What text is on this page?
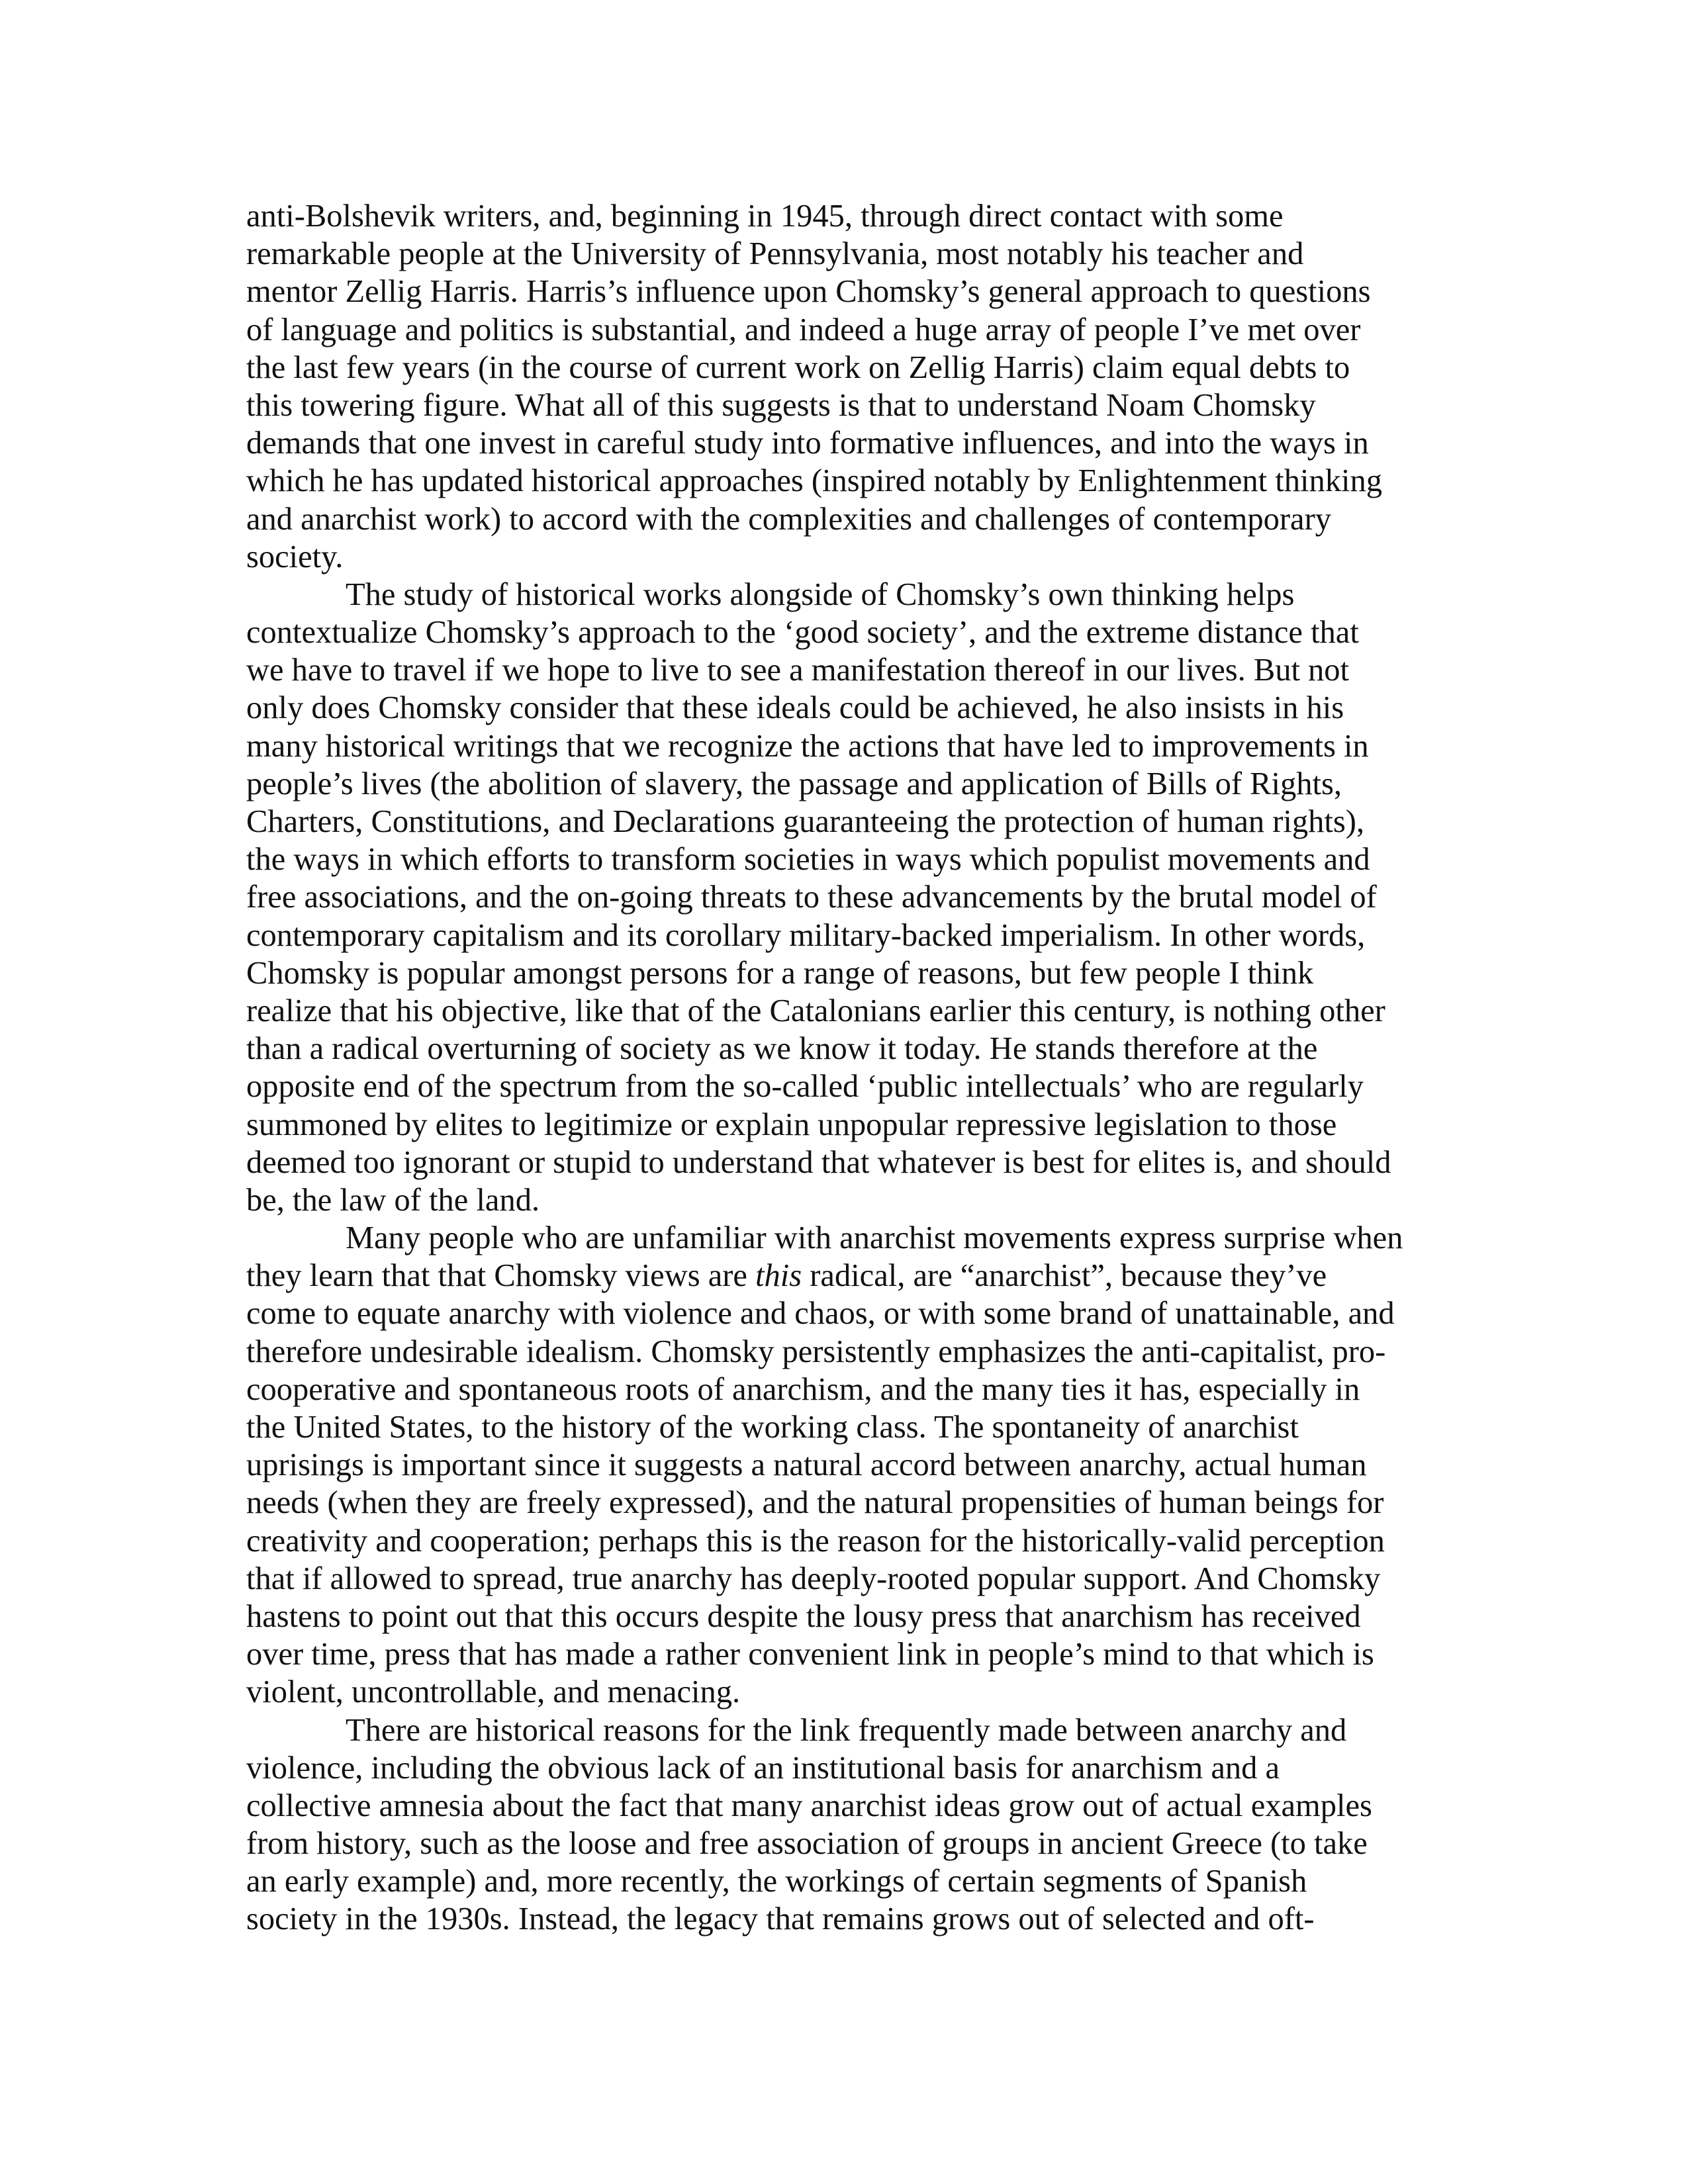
anti-Bolshevik writers, and, beginning in 1945, through direct contact with some
remarkable people at the University of Pennsylvania, most notably his teacher and
mentor Zellig Harris. Harris’s influence upon Chomsky’s general approach to questions
of language and politics is substantial, and indeed a huge array of people I’ve met over
the last few years (in the course of current work on Zellig Harris) claim equal debts to
this towering figure. What all of this suggests is that to understand Noam Chomsky
demands that one invest in careful study into formative influences, and into the ways in
which he has updated historical approaches (inspired notably by Enlightenment thinking
and anarchist work) to accord with the complexities and challenges of contemporary
society.
The study of historical works alongside of Chomsky’s own thinking helps
contextualize Chomsky’s approach to the ‘good society’, and the extreme distance that
we have to travel if we hope to live to see a manifestation thereof in our lives. But not
only does Chomsky consider that these ideals could be achieved, he also insists in his
many historical writings that we recognize the actions that have led to improvements in
people’s lives (the abolition of slavery, the passage and application of Bills of Rights,
Charters, Constitutions, and Declarations guaranteeing the protection of human rights),
the ways in which efforts to transform societies in ways which populist movements and
free associations, and the on-going threats to these advancements by the brutal model of
contemporary capitalism and its corollary military-backed imperialism. In other words,
Chomsky is popular amongst persons for a range of reasons, but few people I think
realize that his objective, like that of the Catalonians earlier this century, is nothing other
than a radical overturning of society as we know it today. He stands therefore at the
opposite end of the spectrum from the so-called ‘public intellectuals’ who are regularly
summoned by elites to legitimize or explain unpopular repressive legislation to those
deemed too ignorant or stupid to understand that whatever is best for elites is, and should
be, the law of the land.
Many people who are unfamiliar with anarchist movements express surprise when
they learn that that Chomsky views are this radical, are “anarchist”, because they’ve
come to equate anarchy with violence and chaos, or with some brand of unattainable, and
therefore undesirable idealism. Chomsky persistently emphasizes the anti-capitalist, pro-
cooperative and spontaneous roots of anarchism, and the many ties it has, especially in
the United States, to the history of the working class. The spontaneity of anarchist
uprisings is important since it suggests a natural accord between anarchy, actual human
needs (when they are freely expressed), and the natural propensities of human beings for
creativity and cooperation; perhaps this is the reason for the historically-valid perception
that if allowed to spread, true anarchy has deeply-rooted popular support. And Chomsky
hastens to point out that this occurs despite the lousy press that anarchism has received
over time, press that has made a rather convenient link in people’s mind to that which is
violent, uncontrollable, and menacing.
There are historical reasons for the link frequently made between anarchy and
violence, including the obvious lack of an institutional basis for anarchism and a
collective amnesia about the fact that many anarchist ideas grow out of actual examples
from history, such as the loose and free association of groups in ancient Greece (to take
an early example) and, more recently, the workings of certain segments of Spanish
society in the 1930s. Instead, the legacy that remains grows out of selected and oft-
